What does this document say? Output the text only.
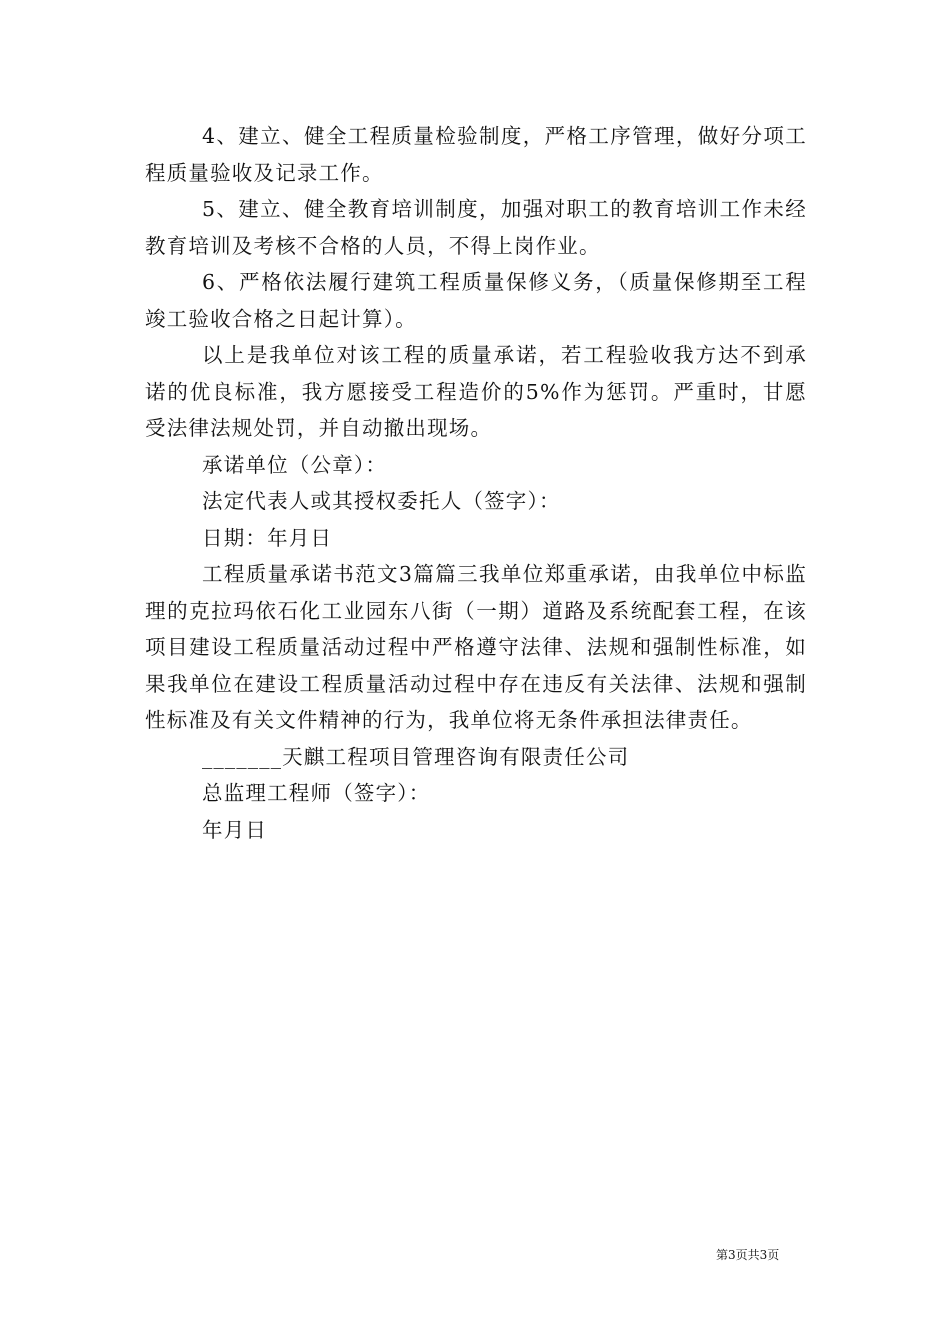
4、建立、健全工程质量检验制度，严格工序管理，做好分项工程质量验收及记录工作。

5、建立、健全教育培训制度，加强对职工的教育培训工作未经教育培训及考核不合格的人员，不得上岗作业。

6、严格依法履行建筑工程质量保修义务，（质量保修期至工程竣工验收合格之日起计算）。

以上是我单位对该工程的质量承诺，若工程验收我方达不到承诺的优良标准，我方愿接受工程造价的5%作为惩罚。严重时，甘愿受法律法规处罚，并自动撤出现场。

承诺单位（公章）：

法定代表人或其授权委托人（签字）：

日期：年月日

工程质量承诺书范文3篇篇三我单位郑重承诺，由我单位中标监理的克拉玛依石化工业园东八街（一期）道路及系统配套工程，在该项目建设工程质量活动过程中严格遵守法律、法规和强制性标准，如果我单位在建设工程质量活动过程中存在违反有关法律、法规和强制性标准及有关文件精神的行为，我单位将无条件承担法律责任。

_______天麒工程项目管理咨询有限责任公司

总监理工程师（签字）：

年月日

第3页共3页
